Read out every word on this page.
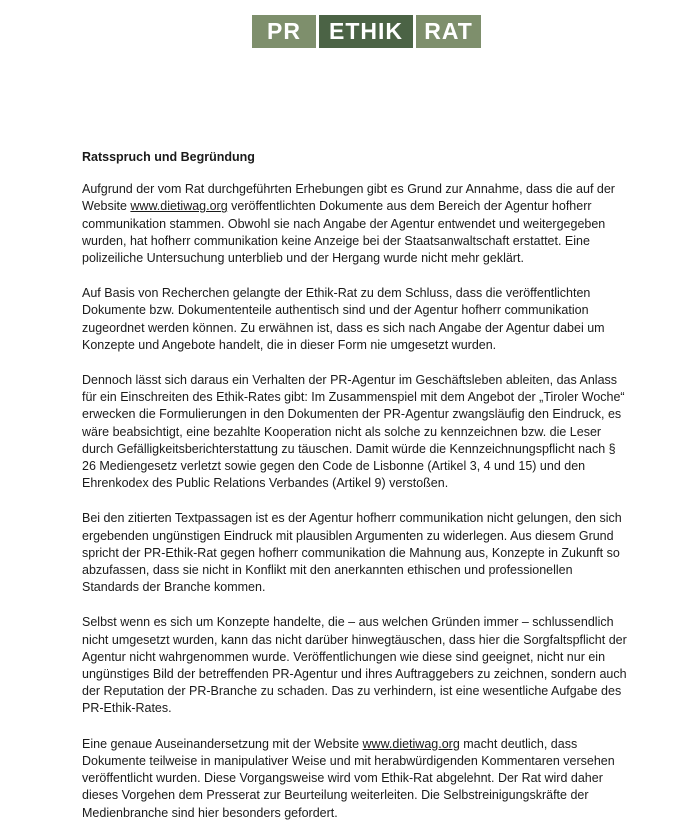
PR	ETHIK RAT

Ratsspruch und Begründung

Aufgrund der vom Rat durchgeführten Erhebungen gibt es Grund zur Annahme, dass die auf der Website www.dietiwag.org veröffentlichten Dokumente aus dem Bereich der Agentur hofherr communikation stammen. Obwohl sie nach Angabe der Agentur entwendet und weitergegeben wurden, hat hofherr communikation keine Anzeige bei der Staatsanwaltschaft erstattet. Eine polizeiliche Untersuchung unterblieb und der Hergang wurde nicht mehr geklärt.

Auf Basis von Recherchen gelangte der Ethik-Rat zu dem Schluss, dass die veröffentlichten Dokumente bzw. Dokumententeile authentisch sind und der Agentur hofherr communikation zugeordnet werden können. Zu erwähnen ist, dass es sich nach Angabe der Agentur dabei um Konzepte und Angebote handelt, die in dieser Form nie umgesetzt wurden.

Dennoch lässt sich daraus ein Verhalten der PR-Agentur im Geschäftsleben ableiten, das Anlass für ein Einschreiten des Ethik-Rates gibt: Im Zusammenspiel mit dem Angebot der „Tiroler Woche“ erwecken die Formulierungen in den Dokumenten der PR-Agentur zwangsläufig den Eindruck, es wäre beabsichtigt, eine bezahlte Kooperation nicht als solche zu kennzeichnen bzw. die Leser durch Gefälligkeitsberichterstattung zu täuschen. Damit würde die Kennzeichnungspflicht nach § 26 Mediengesetz verletzt sowie gegen den Code de Lisbonne (Artikel 3, 4 und 15) und den Ehrenkodex des Public Relations Verbandes (Artikel 9) verstoßen.

Bei den zitierten Textpassagen ist es der Agentur hofherr communikation nicht gelungen, den sich ergebenden ungünstigen Eindruck mit plausiblen Argumenten zu widerlegen. Aus diesem Grund spricht der PR-Ethik-Rat gegen hofherr communikation die Mahnung aus, Konzepte in Zukunft so abzufassen, dass sie nicht in Konflikt mit den anerkannten ethischen und professionellen Standards der Branche kommen.

Selbst wenn es sich um Konzepte handelte, die – aus welchen Gründen immer – schlussendlich nicht umgesetzt wurden, kann das nicht darüber hinwegtäuschen, dass hier die Sorgfaltspflicht der Agentur nicht wahrgenommen wurde. Veröffentlichungen wie diese sind geeignet, nicht nur ein ungünstiges Bild der betreffenden PR-Agentur und ihres Auftraggebers zu zeichnen, sondern auch der Reputation der PR-Branche zu schaden. Das zu verhindern, ist eine wesentliche Aufgabe des PR-Ethik-Rates.

Eine genaue Auseinandersetzung mit der Website www.dietiwag.org macht deutlich, dass Dokumente teilweise in manipulativer Weise und mit herabwürdigenden Kommentaren versehen veröffentlicht wurden. Diese Vorgangsweise wird vom Ethik-Rat abgelehnt. Der Rat wird daher dieses Vorgehen dem Presserat zur Beurteilung weiterleiten. Die Selbstreinigungskräfte der Medienbranche sind hier besonders gefordert.
